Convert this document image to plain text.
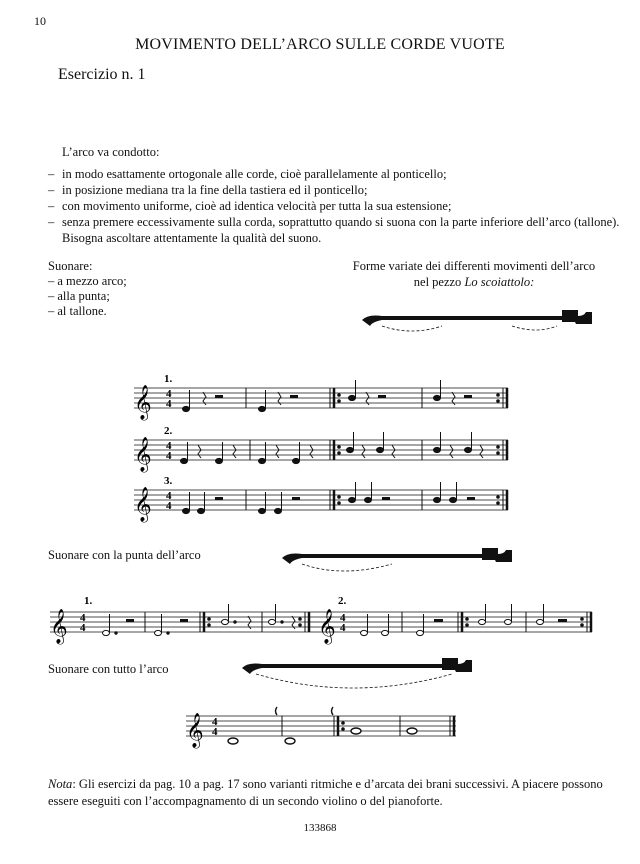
10
MOVIMENTO DELL’ARCO SULLE CORDE VUOTE
Esercizio n. 1
L’arco va condotto:
– in modo esattamente ortogonale alle corde, cioè parallelamente al ponticello;
– in posizione mediana tra la fine della tastiera ed il ponticello;
– con movimento uniforme, cioè ad identica velocità per tutta la sua estensione;
– senza premere eccessivamente sulla corda, soprattutto quando si suona con la parte inferiore dell’arco (tallone).
Bisogna ascoltare attentamente la qualità del suono.
Suonare:
– a mezzo arco;
– alla punta;
– al tallone.
Forme variate dei differenti movimenti dell’arco
nel pezzo Lo scoiattolo:
Suonare con la punta dell’arco
Suonare con tutto l’arco
Nota: Gli esercizi da pag. 10 a pag. 17 sono varianti ritmiche e d’arcata dei brani successivi. A piacere possono essere eseguiti con l’accompagnamento di un secondo violino o del pianoforte.
133868
𝄞 4
4
1.
𝄞 4
4
2.
𝄞 4
4
3.
𝄞 4
4
1.	2.
𝄞 4
4
𝄞 4
4
